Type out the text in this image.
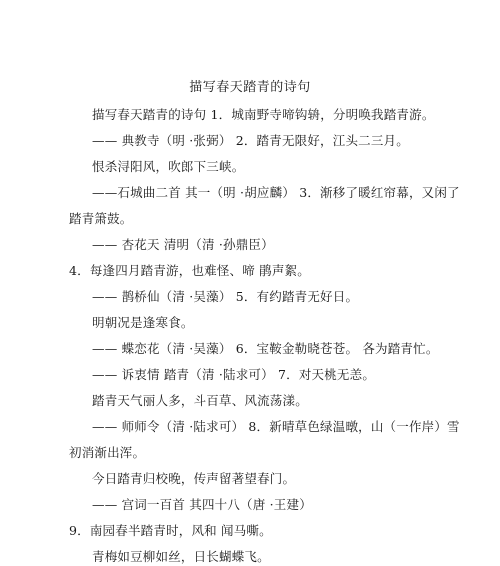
描写春天踏青的诗句
描写春天踏青的诗句 1．城南野寺啼钩辀，分明唤我踏青游。
—— 典教寺（明 ·张弼） 2．踏青无限好，江头二三月。
恨杀浔阳风，吹郎下三峡。
——石城曲二首 其一（明 ·胡应麟） 3．渐移了暖红帘幕，又闲了
踏青箫鼓。
—— 杏花天 清明（清 ·孙鼎臣）
4．每逢四月踏青游，也难怪、啼 鹃声絮。
—— 鹊桥仙（清 ·吴藻） 5．有约踏青无好日。
明朝况是逢寒食。
—— 蝶恋花（清 ·吴藻） 6．宝鞍金勒晓苍苍。 各为踏青忙。
—— 诉衷情 踏青（清 ·陆求可） 7．对天桃无恙。
踏青天气丽人多，斗百草、风流荡漾。
—— 师师令（清 ·陆求可） 8．新晴草色绿温暾，山（一作岸）雪
初消渐出浑。
今日踏青归校晚，传声留著望春门。
—— 宫词一百首 其四十八（唐 ·王建）
9．南园春半踏青时，风和 闻马嘶。
青梅如豆柳如丝，日长蝴蝶飞。
